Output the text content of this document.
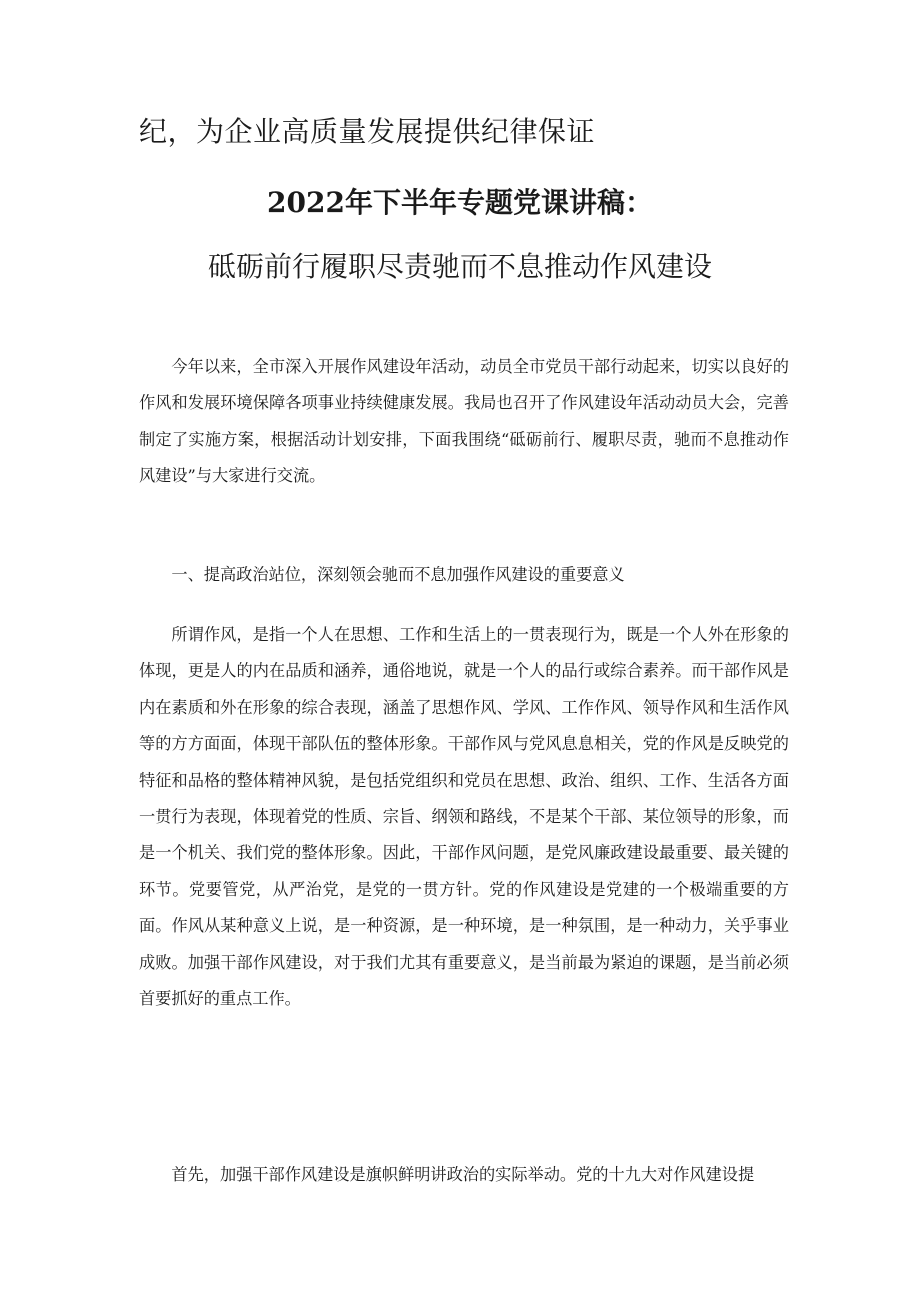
纪，为企业高质量发展提供纪律保证
2022年下半年专题党课讲稿：
砥砺前行履职尽责驰而不息推动作风建设
今年以来，全市深入开展作风建设年活动，动员全市党员干部行动起来，切实以良好的作风和发展环境保障各项事业持续健康发展。我局也召开了作风建设年活动动员大会，完善制定了实施方案，根据活动计划安排，下面我围绕“砥砺前行、履职尽责，驰而不息推动作风建设”与大家进行交流。
一、提高政治站位，深刻领会驰而不息加强作风建设的重要意义
所谓作风，是指一个人在思想、工作和生活上的一贯表现行为，既是一个人外在形象的体现，更是人的内在品质和涵养，通俗地说，就是一个人的品行或综合素养。而干部作风是内在素质和外在形象的综合表现，涵盖了思想作风、学风、工作作风、领导作风和生活作风等的方方面面，体现干部队伍的整体形象。干部作风与党风息息相关，党的作风是反映党的特征和品格的整体精神风貌，是包括党组织和党员在思想、政治、组织、工作、生活各方面一贯行为表现，体现着党的性质、宗旨、纲领和路线，不是某个干部、某位领导的形象，而是一个机关、我们党的整体形象。因此，干部作风问题，是党风廉政建设最重要、最关键的环节。党要管党，从严治党，是党的一贯方针。党的作风建设是党建的一个极端重要的方面。作风从某种意义上说，是一种资源，是一种环境，是一种氛围，是一种动力，关乎事业成败。加强干部作风建设，对于我们尤其有重要意义，是当前最为紧迫的课题，是当前必须首要抓好的重点工作。
首先，加强干部作风建设是旗帜鲜明讲政治的实际举动。党的十九大对作风建设提
